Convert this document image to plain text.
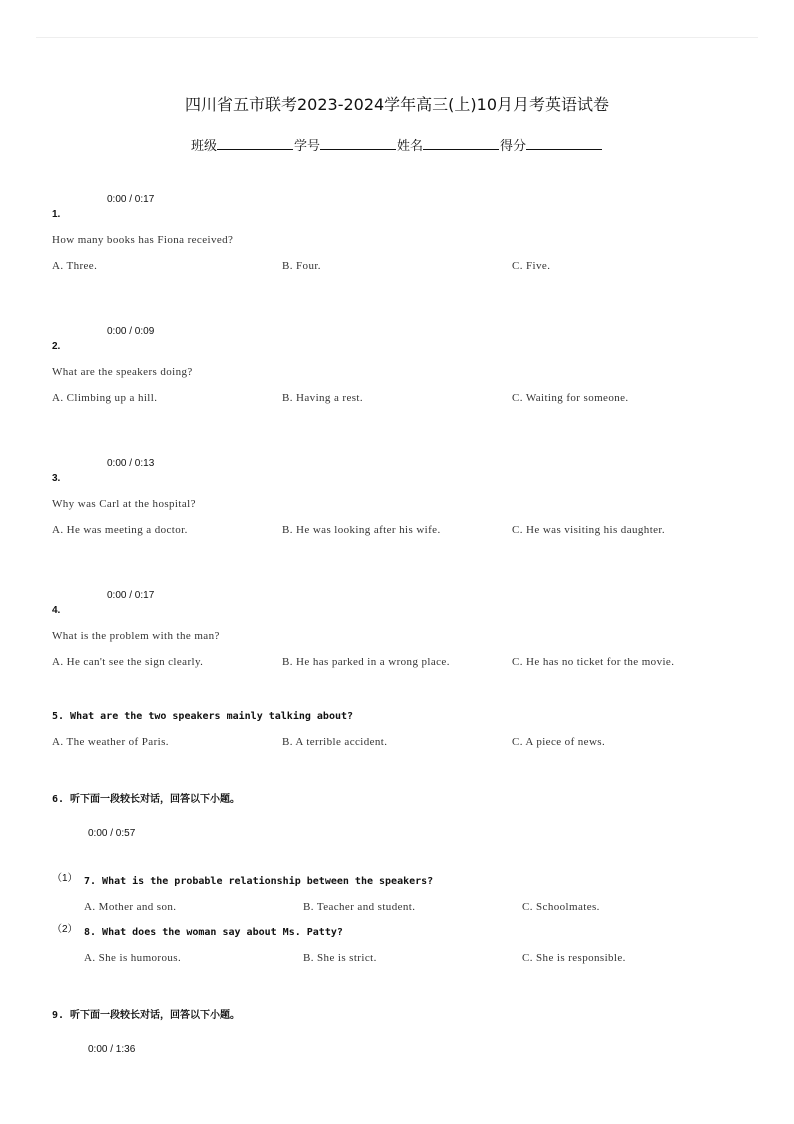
四川省五市联考2023-2024学年高三(上)10月月考英语试卷
班级	学号	姓名	得分
0:00 / 0:17
1.
How many books has Fiona received?
A. Three.	B. Four.	C. Five.
0:00 / 0:09
2.
What are the speakers doing?
A. Climbing up a hill.	B. Having a rest.	C. Waiting for someone.
0:00 / 0:13
3.
Why was Carl at the hospital?
A. He was meeting a doctor.	B. He was looking after his wife.	C. He was visiting his daughter.
0:00 / 0:17
4.
What is the problem with the man?
A. He can't see the sign clearly.	B. He has parked in a wrong place.	C. He has no ticket for the movie.
5. What are the two speakers mainly talking about?
A. The weather of Paris.	B. A terrible accident.	C. A piece of news.
6. 听下面一段较长对话，回答以下小题。
0:00 / 0:57
（1） 7. What is the probable relationship between the speakers?
A. Mother and son.	B. Teacher and student.	C. Schoolmates.
（2） 8. What does the woman say about Ms. Patty?
A. She is humorous.	B. She is strict.	C. She is responsible.
9. 听下面一段较长对话，回答以下小题。
0:00 / 1:36
